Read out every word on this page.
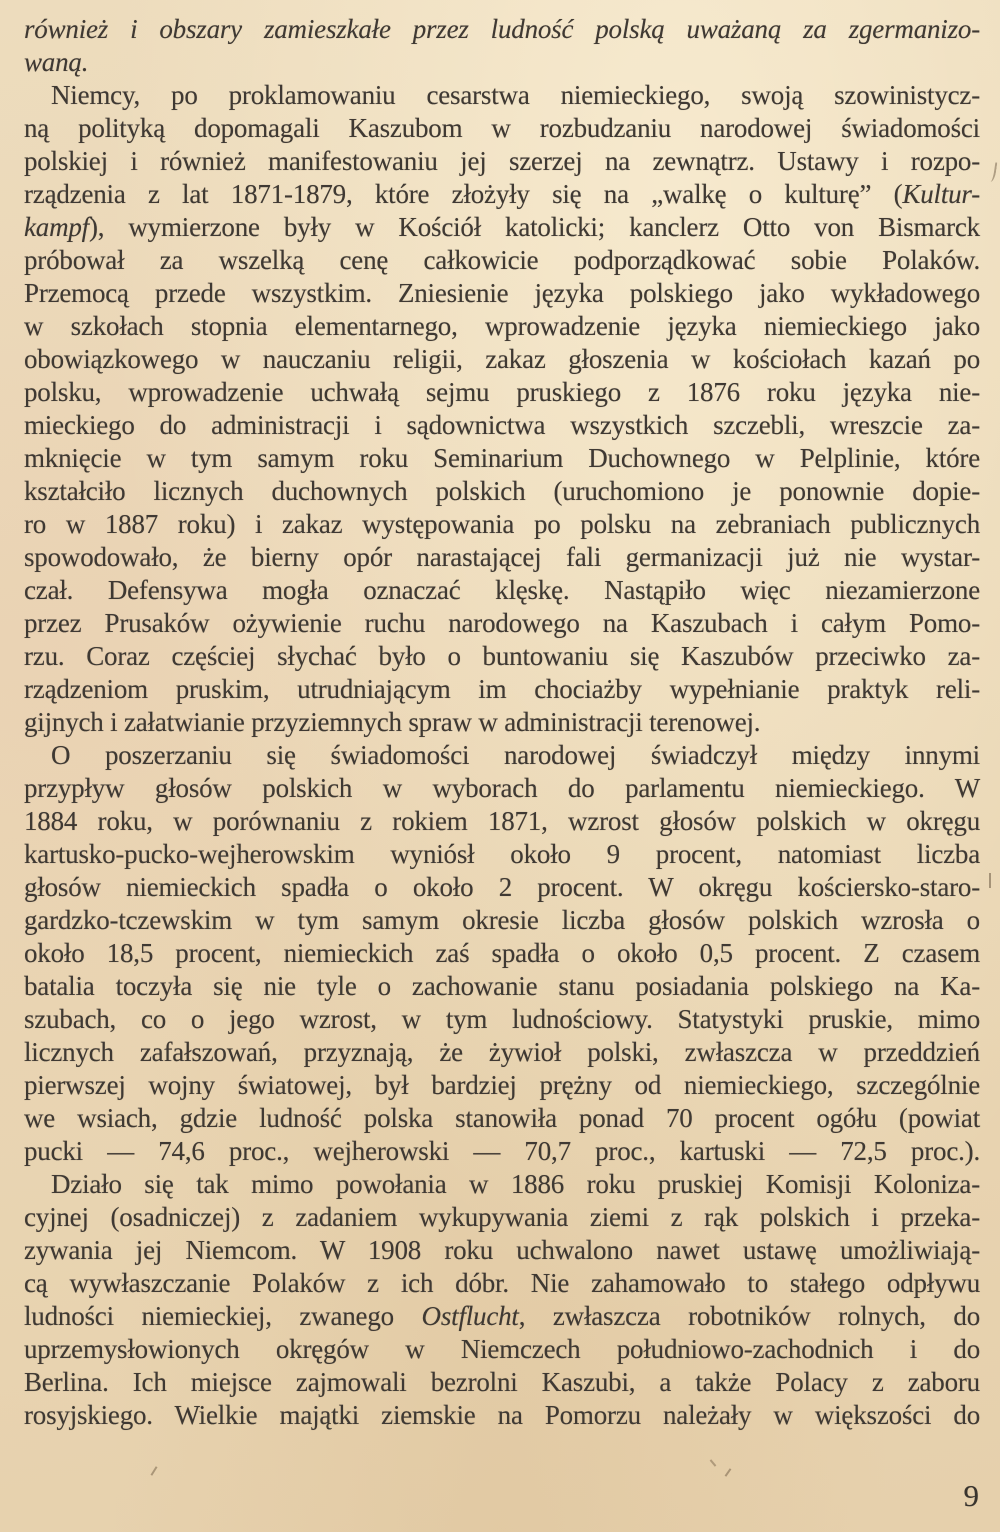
również i obszary zamieszkałe przez ludność polską uważaną za zgermanizo-
waną.
Niemcy, po proklamowaniu cesarstwa niemieckiego, swoją szowinistycz-
ną polityką dopomagali Kaszubom w rozbudzaniu narodowej świadomości
polskiej i również manifestowaniu jej szerzej na zewnątrz. Ustawy i rozpo-
rządzenia z lat 1871-1879, które złożyły się na „walkę o kulturę” (Kultur-
kampf), wymierzone były w Kościół katolicki; kanclerz Otto von Bismarck
próbował za wszelką cenę całkowicie podporządkować sobie Polaków.
Przemocą przede wszystkim. Zniesienie języka polskiego jako wykładowego
w szkołach stopnia elementarnego, wprowadzenie języka niemieckiego jako
obowiązkowego w nauczaniu religii, zakaz głoszenia w kościołach kazań po
polsku, wprowadzenie uchwałą sejmu pruskiego z 1876 roku języka nie-
mieckiego do administracji i sądownictwa wszystkich szczebli, wreszcie za-
mknięcie w tym samym roku Seminarium Duchownego w Pelplinie, które
kształciło licznych duchownych polskich (uruchomiono je ponownie dopie-
ro w 1887 roku) i zakaz występowania po polsku na zebraniach publicznych
spowodowało, że bierny opór narastającej fali germanizacji już nie wystar-
czał. Defensywa mogła oznaczać klęskę. Nastąpiło więc niezamierzone
przez Prusaków ożywienie ruchu narodowego na Kaszubach i całym Pomo-
rzu. Coraz częściej słychać było o buntowaniu się Kaszubów przeciwko za-
rządzeniom pruskim, utrudniającym im chociażby wypełnianie praktyk reli-
gijnych i załatwianie przyziemnych spraw w administracji terenowej.
O poszerzaniu się świadomości narodowej świadczył między innymi
przypływ głosów polskich w wyborach do parlamentu niemieckiego. W
1884 roku, w porównaniu z rokiem 1871, wzrost głosów polskich w okręgu
kartusko-pucko-wejherowskim wyniósł około 9 procent, natomiast liczba
głosów niemieckich spadła o około 2 procent. W okręgu kościersko-staro-
gardzko-tczewskim w tym samym okresie liczba głosów polskich wzrosła o
około 18,5 procent, niemieckich zaś spadła o około 0,5 procent. Z czasem
batalia toczyła się nie tyle o zachowanie stanu posiadania polskiego na Ka-
szubach, co o jego wzrost, w tym ludnościowy. Statystyki pruskie, mimo
licznych zafałszowań, przyznają, że żywioł polski, zwłaszcza w przeddzień
pierwszej wojny światowej, był bardziej prężny od niemieckiego, szczególnie
we wsiach, gdzie ludność polska stanowiła ponad 70 procent ogółu (powiat
pucki — 74,6 proc., wejherowski — 70,7 proc., kartuski — 72,5 proc.).
Działo się tak mimo powołania w 1886 roku pruskiej Komisji Koloniza-
cyjnej (osadniczej) z zadaniem wykupywania ziemi z rąk polskich i przeka-
zywania jej Niemcom. W 1908 roku uchwalono nawet ustawę umożliwiają-
cą wywłaszczanie Polaków z ich dóbr. Nie zahamowało to stałego odpływu
ludności niemieckiej, zwanego Ostflucht, zwłaszcza robotników rolnych, do
uprzemysłowionych okręgów w Niemczech południowo-zachodnich i do
Berlina. Ich miejsce zajmowali bezrolni Kaszubi, a także Polacy z zaboru
rosyjskiego. Wielkie majątki ziemskie na Pomorzu należały w większości do
9
